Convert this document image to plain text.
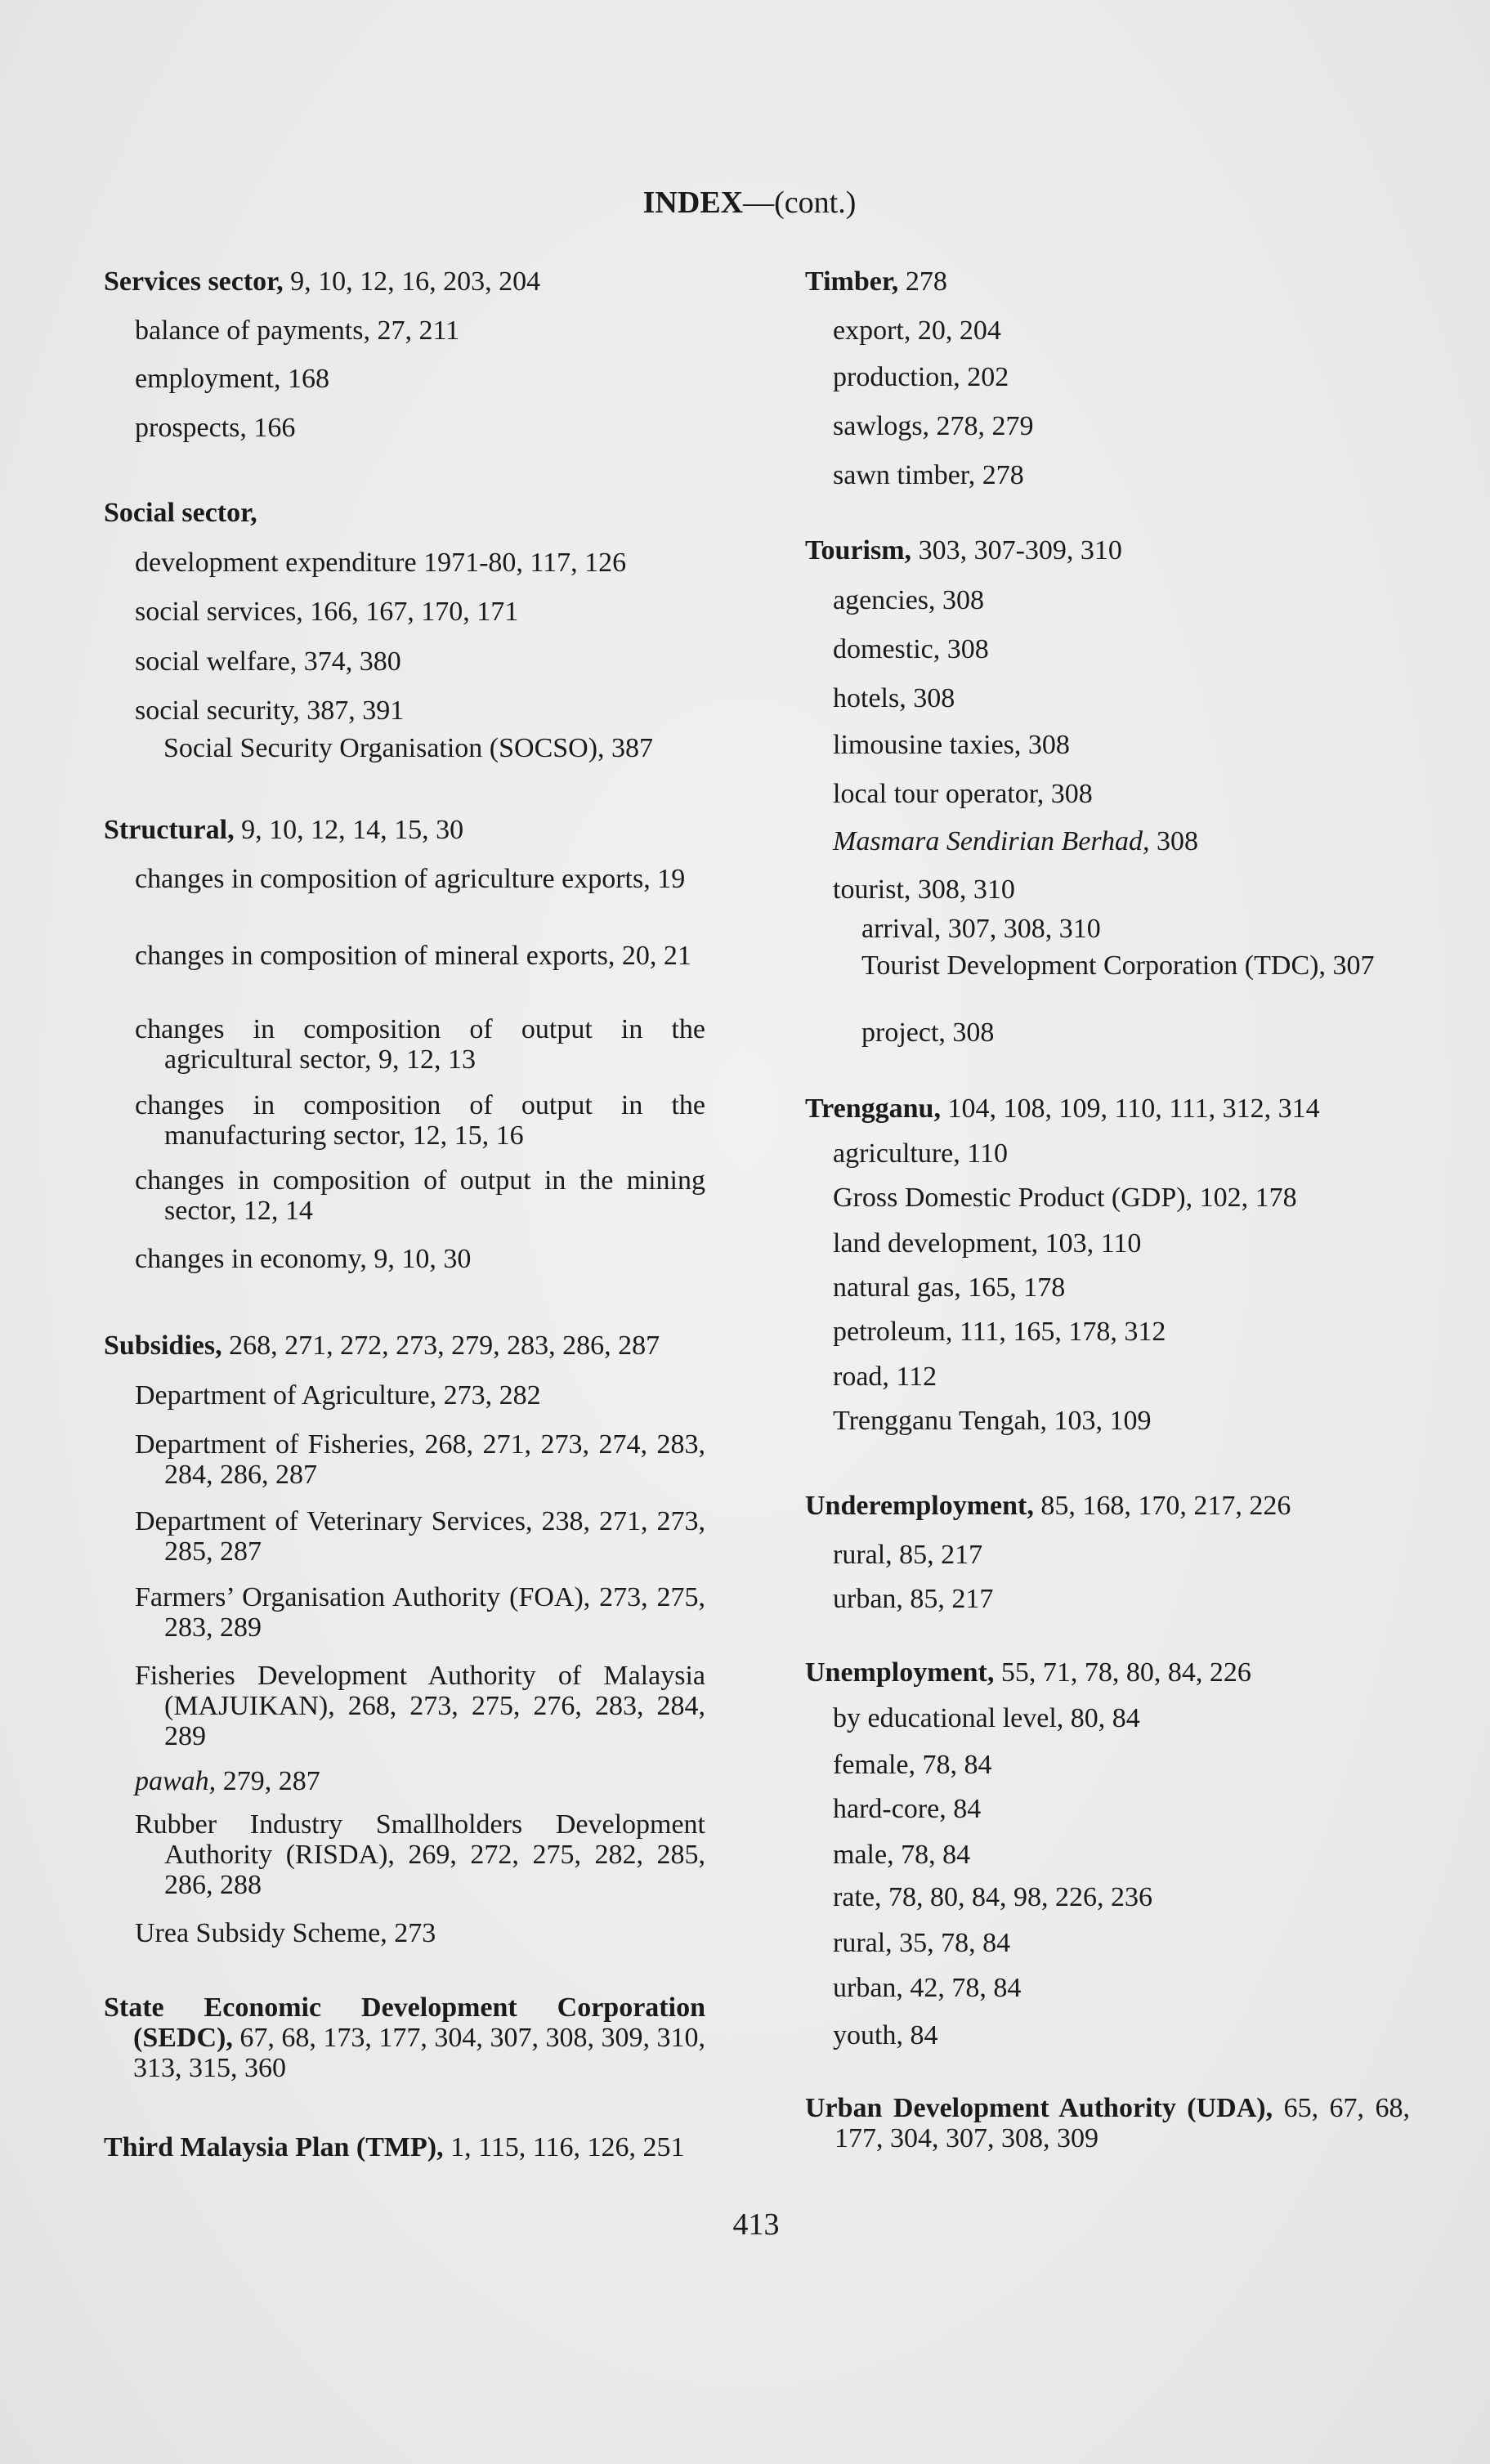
INDEX—(cont.)
Services sector, 9, 10, 12, 16, 203, 204
balance of payments, 27, 211
employment, 168
prospects, 166
Social sector,
development expenditure 1971-80, 117, 126
social services, 166, 167, 170, 171
social welfare, 374, 380
social security, 387, 391
Social Security Organisation (SOCSO), 387
Structural, 9, 10, 12, 14, 15, 30
changes in composition of agriculture exports, 19
changes in composition of mineral exports, 20, 21
changes in composition of output in the agricultural sector, 9, 12, 13
changes in composition of output in the manufacturing sector, 12, 15, 16
changes in composition of output in the mining sector, 12, 14
changes in economy, 9, 10, 30
Subsidies, 268, 271, 272, 273, 279, 283, 286, 287
Department of Agriculture, 273, 282
Department of Fisheries, 268, 271, 273, 274, 283, 284, 286, 287
Department of Veterinary Services, 238, 271, 273, 285, 287
Farmers’ Organisation Authority (FOA), 273, 275, 283, 289
Fisheries Development Authority of Malaysia (MAJUIKAN), 268, 273, 275, 276, 283, 284, 289
pawah, 279, 287
Rubber Industry Smallholders Development Authority (RISDA), 269, 272, 275, 282, 285, 286, 288
Urea Subsidy Scheme, 273
State Economic Development Corporation (SEDC), 67, 68, 173, 177, 304, 307, 308, 309, 310, 313, 315, 360
Third Malaysia Plan (TMP), 1, 115, 116, 126, 251
Timber, 278
export, 20, 204
production, 202
sawlogs, 278, 279
sawn timber, 278
Tourism, 303, 307-309, 310
agencies, 308
domestic, 308
hotels, 308
limousine taxies, 308
local tour operator, 308
Masmara Sendirian Berhad, 308
tourist, 308, 310
arrival, 307, 308, 310
Tourist Development Corporation (TDC), 307
project, 308
Trengganu, 104, 108, 109, 110, 111, 312, 314
agriculture, 110
Gross Domestic Product (GDP), 102, 178
land development, 103, 110
natural gas, 165, 178
petroleum, 111, 165, 178, 312
road, 112
Trengganu Tengah, 103, 109
Underemployment, 85, 168, 170, 217, 226
rural, 85, 217
urban, 85, 217
Unemployment, 55, 71, 78, 80, 84, 226
by educational level, 80, 84
female, 78, 84
hard-core, 84
male, 78, 84
rate, 78, 80, 84, 98, 226, 236
rural, 35, 78, 84
urban, 42, 78, 84
youth, 84
Urban Development Authority (UDA), 65, 67, 68, 177, 304, 307, 308, 309
413
